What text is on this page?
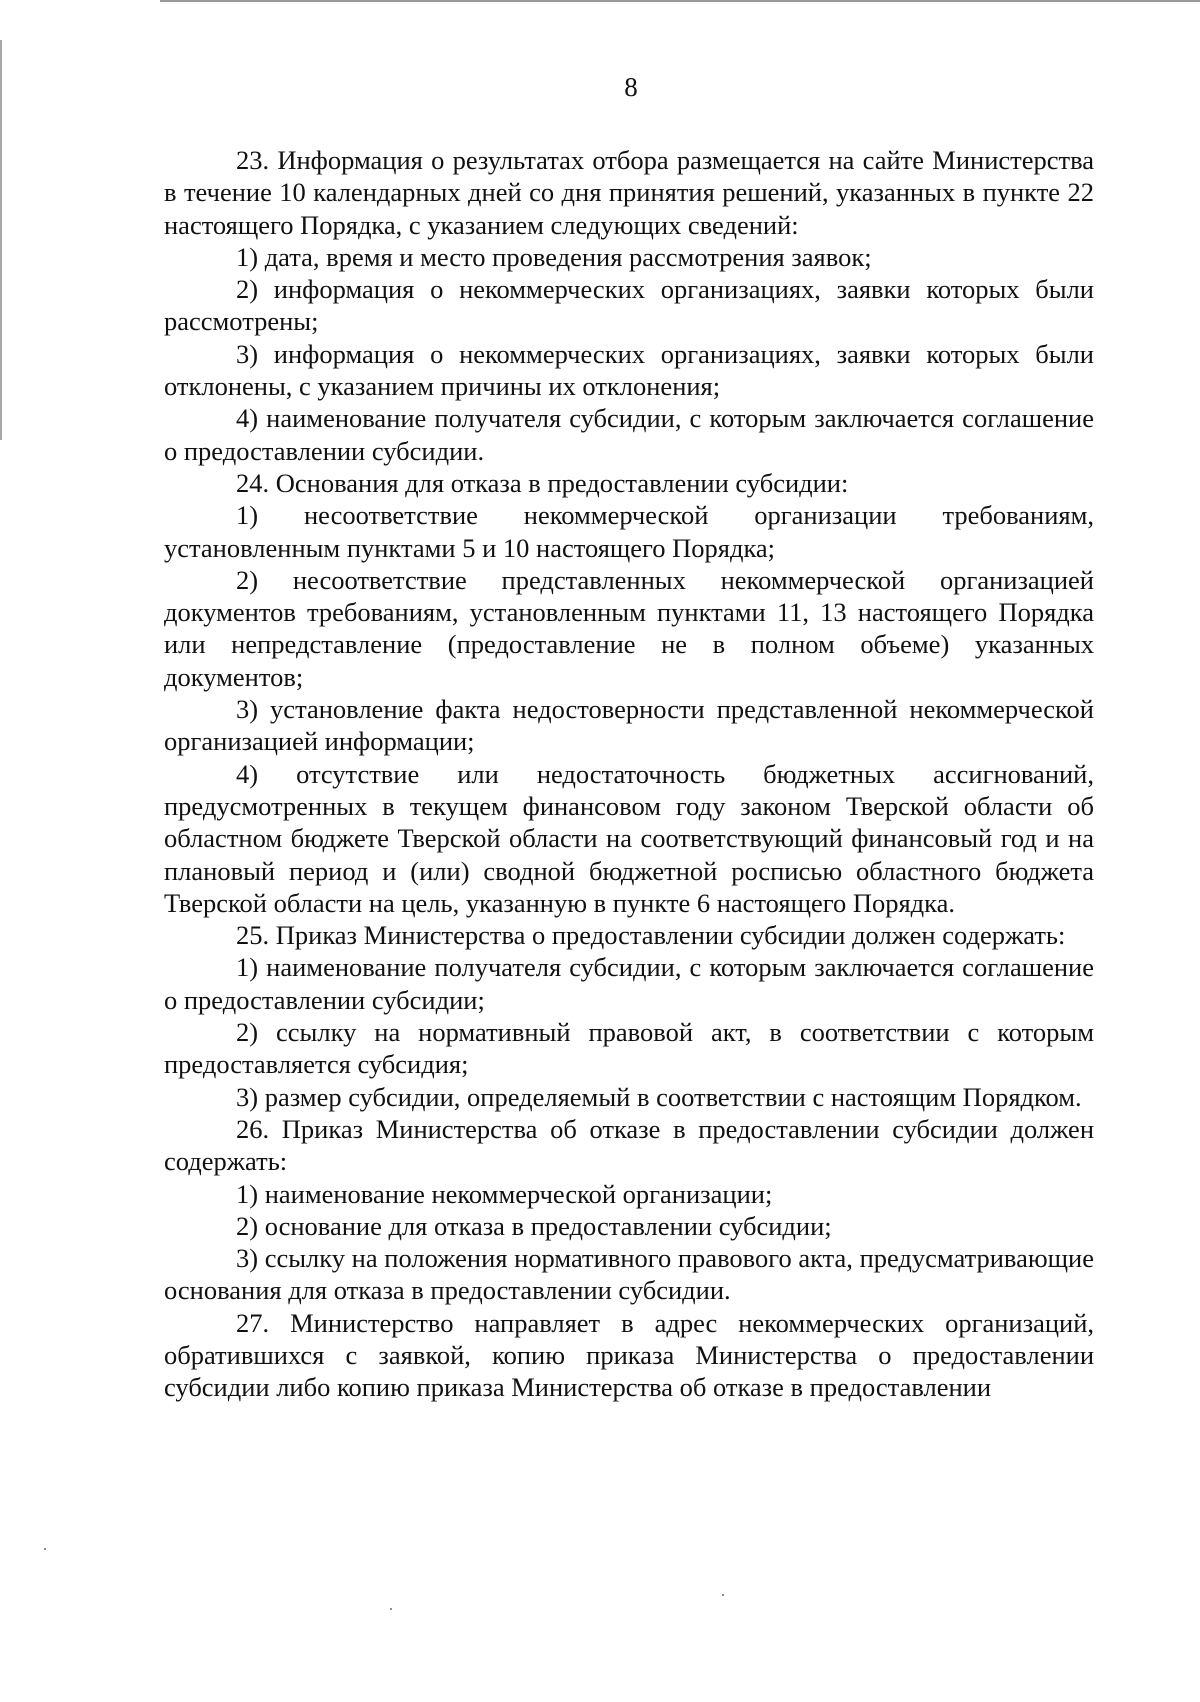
8

23. Информация о результатах отбора размещается на сайте Министерства в течение 10 календарных дней со дня принятия решений, указанных в пункте 22 настоящего Порядка, с указанием следующих сведений:

1) дата, время и место проведения рассмотрения заявок;

2) информация о некоммерческих организациях, заявки которых были рассмотрены;

3) информация о некоммерческих организациях, заявки которых были отклонены, с указанием причины их отклонения;

4) наименование получателя субсидии, с которым заключается соглашение о предоставлении субсидии.

24. Основания для отказа в предоставлении субсидии:

1) несоответствие некоммерческой организации требованиям, установленным пунктами 5 и 10 настоящего Порядка;

2) несоответствие представленных некоммерческой организацией документов требованиям, установленным пунктами 11, 13 настоящего Порядка или непредставление (предоставление не в полном объеме) указанных документов;

3) установление факта недостоверности представленной некоммерческой организацией информации;

4) отсутствие или недостаточность бюджетных ассигнований, предусмотренных в текущем финансовом году законом Тверской области об областном бюджете Тверской области на соответствующий финансовый год и на плановый период и (или) сводной бюджетной росписью областного бюджета Тверской области на цель, указанную в пункте 6 настоящего Порядка.

25. Приказ Министерства о предоставлении субсидии должен содержать:

1) наименование получателя субсидии, с которым заключается соглашение о предоставлении субсидии;

2) ссылку на нормативный правовой акт, в соответствии с которым предоставляется субсидия;

3) размер субсидии, определяемый в соответствии с настоящим Порядком.

26. Приказ Министерства об отказе в предоставлении субсидии должен содержать:

1) наименование некоммерческой организации;

2) основание для отказа в предоставлении субсидии;

3) ссылку на положения нормативного правового акта, предусматривающие основания для отказа в предоставлении субсидии.

27. Министерство направляет в адрес некоммерческих организаций, обратившихся с заявкой, копию приказа Министерства о предоставлении субсидии либо копию приказа Министерства об отказе в предоставлении
